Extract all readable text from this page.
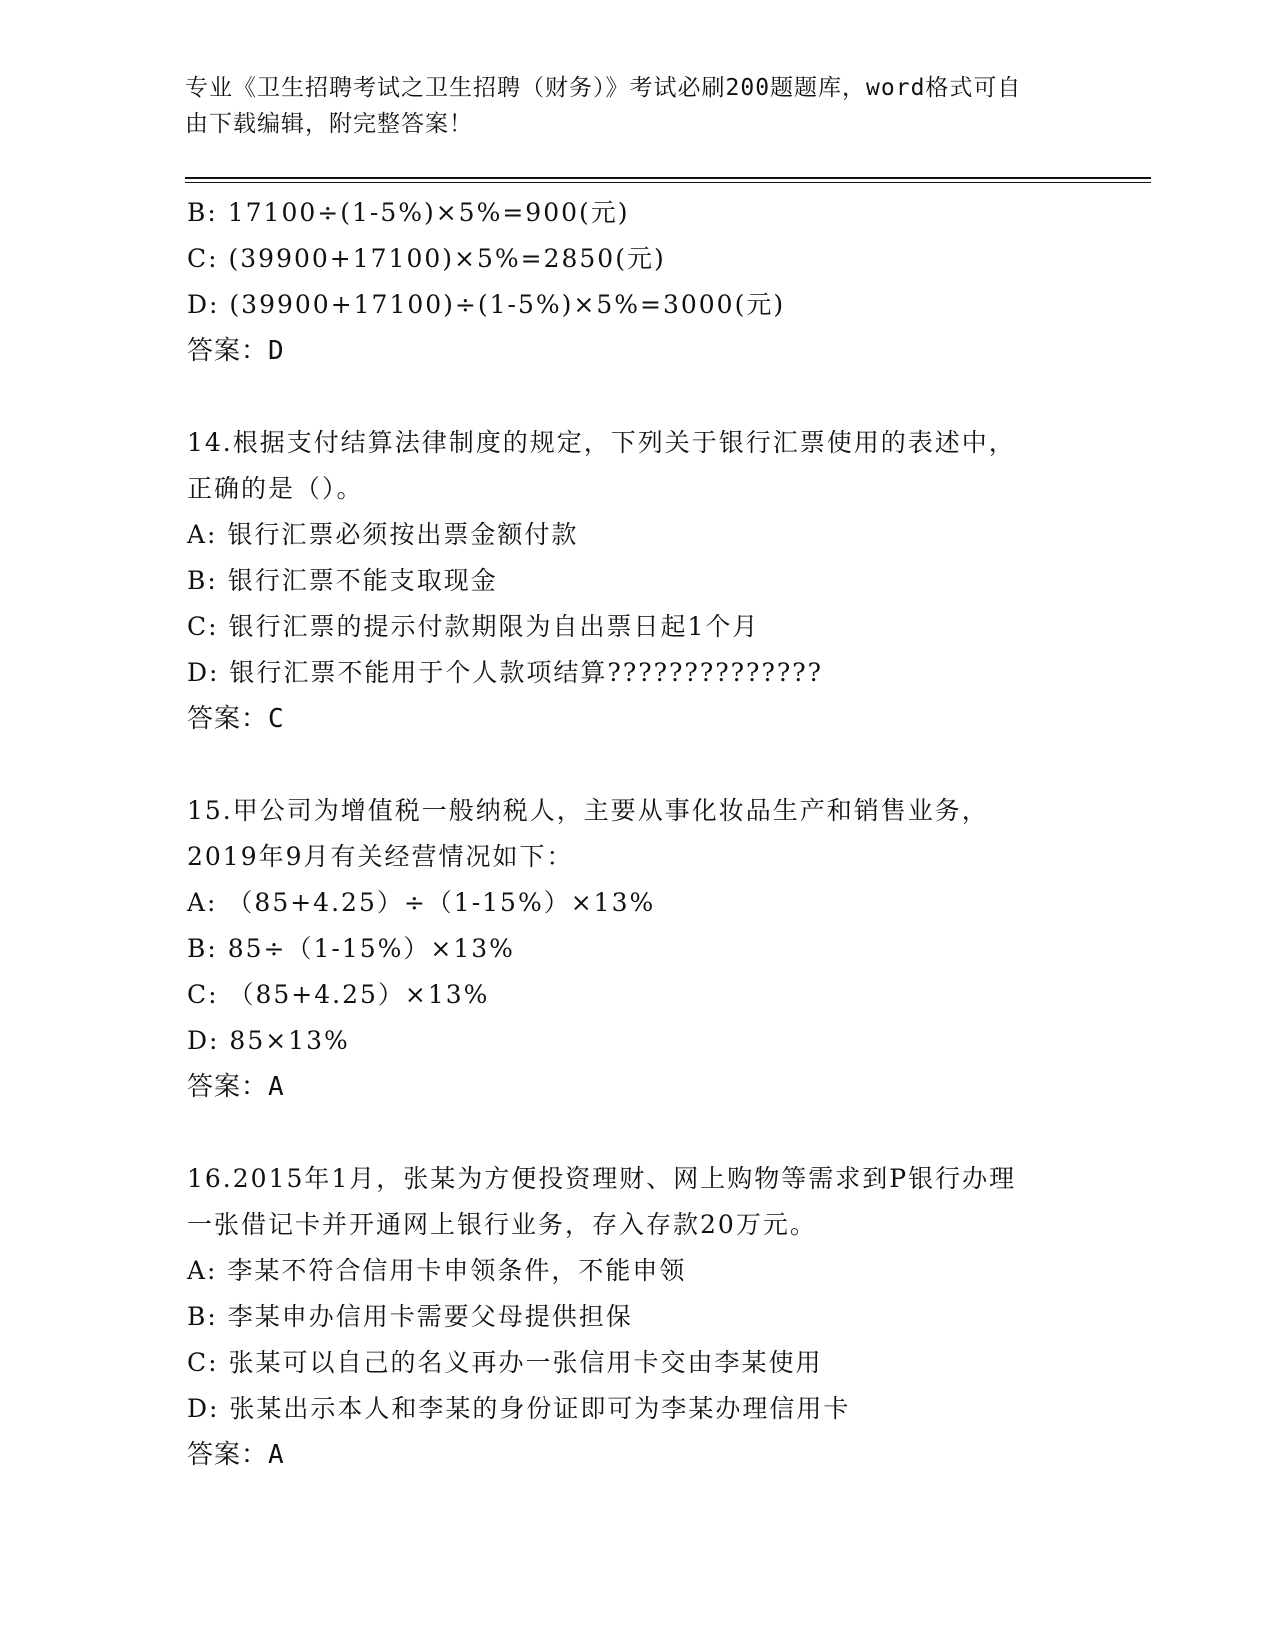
专业《卫生招聘考试之卫生招聘（财务）》考试必刷200题题库，word格式可自
由下载编辑，附完整答案！
B: 17100÷(1-5%)×5%=900(元)
C: (39900+17100)×5%=2850(元)
D: (39900+17100)÷(1-5%)×5%=3000(元)
答案：D
14.根据支付结算法律制度的规定，下列关于银行汇票使用的表述中，
正确的是（）。
A: 银行汇票必须按出票金额付款
B: 银行汇票不能支取现金
C: 银行汇票的提示付款期限为自出票日起1个月
D: 银行汇票不能用于个人款项结算??????????????
答案：C
15.甲公司为增值税一般纳税人，主要从事化妆品生产和销售业务，
2019年9月有关经营情况如下：
A: （85+4.25）÷（1-15%）×13%
B: 85÷（1-15%）×13%
C: （85+4.25）×13%
D: 85×13%
答案：A
16.2015年1月，张某为方便投资理财、网上购物等需求到P银行办理
一张借记卡并开通网上银行业务，存入存款20万元。
A: 李某不符合信用卡申领条件，不能申领
B: 李某申办信用卡需要父母提供担保
C: 张某可以自己的名义再办一张信用卡交由李某使用
D: 张某出示本人和李某的身份证即可为李某办理信用卡
答案：A
